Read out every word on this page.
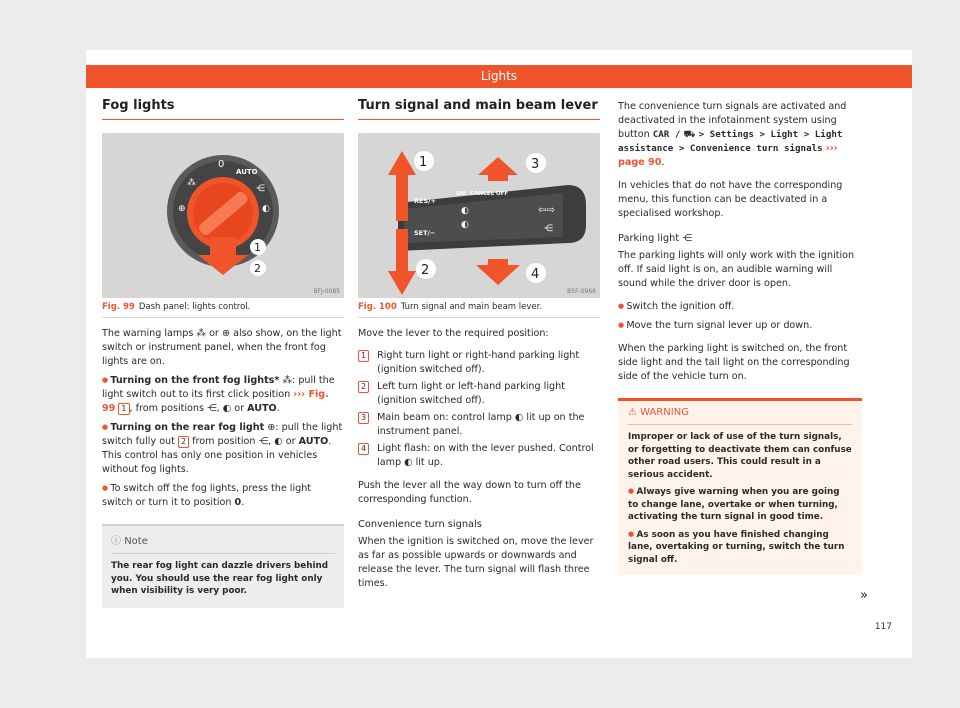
Lights
Fog lights
0
AUTO
⁂
⊕
⋲
◐
1
2
BFJ-0085
Fig. 99 Dash panel: lights control.

The warning lamps ⁂ or ⊕ also show, on the light switch or instrument panel, when the front fog lights are on.

● Turning on the front fog lights* ⁂: pull the light switch out to its first click position ››› Fig. 99 1 , from positions ⋲, ◐ or AUTO.
● Turning on the rear fog light ⊕: pull the light switch fully out 2 from position ⋲, ◐ or AUTO. This control has only one position in vehicles without fog lights.
● To switch off the fog lights, press the light switch or turn it to position 0.
ⓘ Note
The rear fog light can dazzle drivers behind you. You should use the rear fog light only when visibility is very poor.
Turn signal and main beam lever
RES/+
SET/−
ON CANCEL OFF
◐
◐
⇦⇨
⋲
1	3
2	4
B5F-0966
Fig. 100 Turn signal and main beam lever.

Move the lever to the required position:

1	Right turn light or right-hand parking light (ignition switched off).
2	Left turn light or left-hand parking light (ignition switched off).
3	Main beam on: control lamp ◐ lit up on the instrument panel.
4	Light flash: on with the lever pushed. Control lamp ◐ lit up.

Push the lever all the way down to turn off the corresponding function.

Convenience turn signals

When the ignition is switched on, move the lever as far as possible upwards or downwards and release the lever. The turn signal will flash three times.

The convenience turn signals are activated and deactivated in the infotainment system using button CAR / ⛟ > Settings > Light > Light assistance > Convenience turn signals ››› page 90.

In vehicles that do not have the corresponding menu, this function can be deactivated in a specialised workshop.

Parking light ⋲

The parking lights will only work with the ignition off. If said light is on, an audible warning will sound while the driver door is open.

● Switch the ignition off.
● Move the turn signal lever up or down.

When the parking light is switched on, the front side light and the tail light on the corresponding side of the vehicle turn on.

⚠ WARNING
Improper or lack of use of the turn signals, or forgetting to deactivate them can confuse other road users. This could result in a serious accident.
● Always give warning when you are going to change lane, overtake or when turning, activating the turn signal in good time.
● As soon as you have finished changing lane, overtaking or turning, switch the turn signal off.
»
117
